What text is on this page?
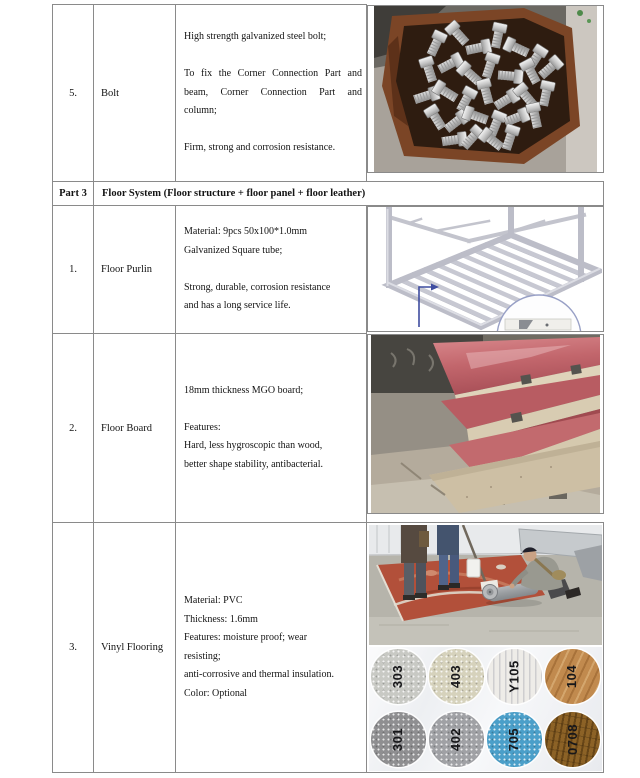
5.	Bolt	High strength galvanized steel bolt;
To fix the Corner Connection Part and
beam, Corner Connection Part and
column;
Firm, strong and corrosion resistance.

Part 3	Floor System (Floor structure + floor panel + floor leather)		
1.	Floor Purlin	Material: 9pcs 50x100*1.0mm
Galvanized Square tube;
Strong, durable, corrosion resistance
and has a long service life.

2.	Floor Board	18mm thickness MGO board;
Features:
Hard, less hygroscopic than wood,
better shape stability, antibacterial.

3.	Vinyl Flooring	
Material: PVC
Thickness: 1.6mm
Features: moisture proof; wear
resisting;
anti-corrosive and thermal insulation.
Color: Optional

303	403	Y105	104
301	402	705	0708
